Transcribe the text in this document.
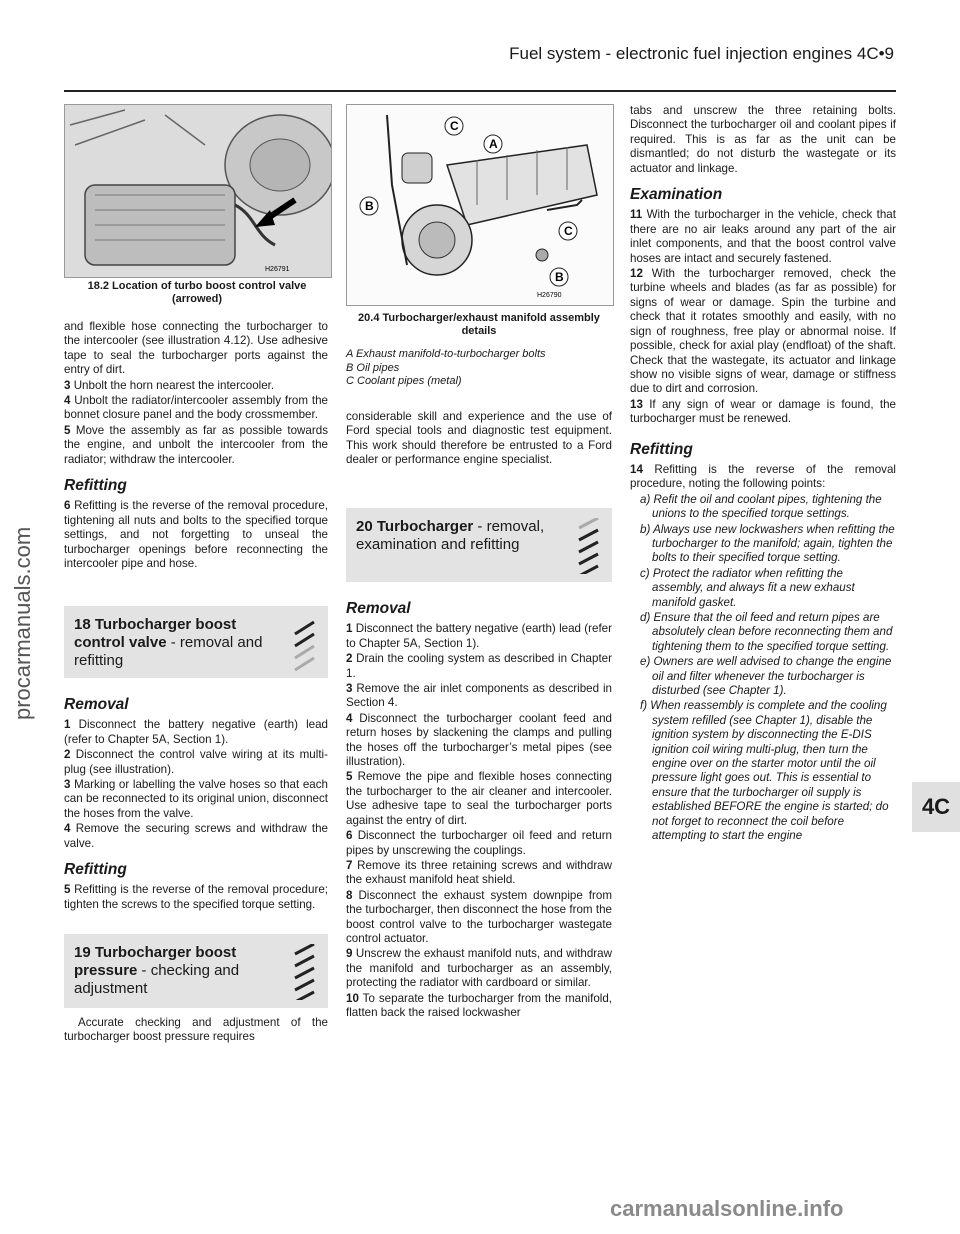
Fuel system - electronic fuel injection engines 4C•9
H26791
18.2 Location of turbo boost control valve (arrowed)
C
A
B
C
B
H26790
20.4 Turbocharger/exhaust manifold assembly details
A Exhaust manifold-to-turbocharger bolts
B Oil pipes
C Coolant pipes (metal)

and flexible hose connecting the turbocharger to the intercooler (see illustration 4.12). Use adhesive tape to seal the turbocharger ports against the entry of dirt.

3 Unbolt the horn nearest the intercooler.

4 Unbolt the radiator/intercooler assembly from the bonnet closure panel and the body crossmember.

5 Move the assembly as far as possible towards the engine, and unbolt the intercooler from the radiator; withdraw the intercooler.

Refitting

6 Refitting is the reverse of the removal procedure, tightening all nuts and bolts to the specified torque settings, and not forgetting to unseal the turbocharger openings before reconnecting the intercooler pipe and hose.

18 Turbocharger boost control valve - removal and refitting
Removal

1 Disconnect the battery negative (earth) lead (refer to Chapter 5A, Section 1).

2 Disconnect the control valve wiring at its multi-plug (see illustration).

3 Marking or labelling the valve hoses so that each can be reconnected to its original union, disconnect the hoses from the valve.

4 Remove the securing screws and withdraw the valve.

Refitting

5 Refitting is the reverse of the removal procedure; tighten the screws to the specified torque setting.

19 Turbocharger boost pressure - checking and adjustment

Accurate checking and adjustment of the turbocharger boost pressure requires

considerable skill and experience and the use of Ford special tools and diagnostic test equipment. This work should therefore be entrusted to a Ford dealer or performance engine specialist.

20 Turbocharger - removal, examination and refitting
Removal

1 Disconnect the battery negative (earth) lead (refer to Chapter 5A, Section 1).

2 Drain the cooling system as described in Chapter 1.

3 Remove the air inlet components as described in Section 4.

4 Disconnect the turbocharger coolant feed and return hoses by slackening the clamps and pulling the hoses off the turbocharger’s metal pipes (see illustration).

5 Remove the pipe and flexible hoses connecting the turbocharger to the air cleaner and intercooler. Use adhesive tape to seal the turbocharger ports against the entry of dirt.

6 Disconnect the turbocharger oil feed and return pipes by unscrewing the couplings.

7 Remove its three retaining screws and withdraw the exhaust manifold heat shield.

8 Disconnect the exhaust system downpipe from the turbocharger, then disconnect the hose from the boost control valve to the turbocharger wastegate control actuator.

9 Unscrew the exhaust manifold nuts, and withdraw the manifold and turbocharger as an assembly, protecting the radiator with cardboard or similar.

10 To separate the turbocharger from the manifold, flatten back the raised lockwasher

tabs and unscrew the three retaining bolts. Disconnect the turbocharger oil and coolant pipes if required. This is as far as the unit can be dismantled; do not disturb the wastegate or its actuator and linkage.

Examination

11 With the turbocharger in the vehicle, check that there are no air leaks around any part of the air inlet components, and that the boost control valve hoses are intact and securely fastened.

12 With the turbocharger removed, check the turbine wheels and blades (as far as possible) for signs of wear or damage. Spin the turbine and check that it rotates smoothly and easily, with no sign of roughness, free play or abnormal noise. If possible, check for axial play (endfloat) of the shaft. Check that the wastegate, its actuator and linkage show no visible signs of wear, damage or stiffness due to dirt and corrosion.

13 If any sign of wear or damage is found, the turbocharger must be renewed.

Refitting

14 Refitting is the reverse of the removal procedure, noting the following points:

a) Refit the oil and coolant pipes, tightening the unions to the specified torque settings.
b) Always use new lockwashers when refitting the turbocharger to the manifold; again, tighten the bolts to their specified torque setting.
c) Protect the radiator when refitting the assembly, and always fit a new exhaust manifold gasket.
d) Ensure that the oil feed and return pipes are absolutely clean before reconnecting them and tightening them to the specified torque setting.
e) Owners are well advised to change the engine oil and filter whenever the turbocharger is disturbed (see Chapter 1).
f) When reassembly is complete and the cooling system refilled (see Chapter 1), disable the ignition system by disconnecting the E-DIS ignition coil wiring multi-plug, then turn the engine over on the starter motor until the oil pressure light goes out. This is essential to ensure that the turbocharger oil supply is established BEFORE the engine is started; do not forget to reconnect the coil before attempting to start the engine
4C
procarmanuals.com
carmanualsonline.info
